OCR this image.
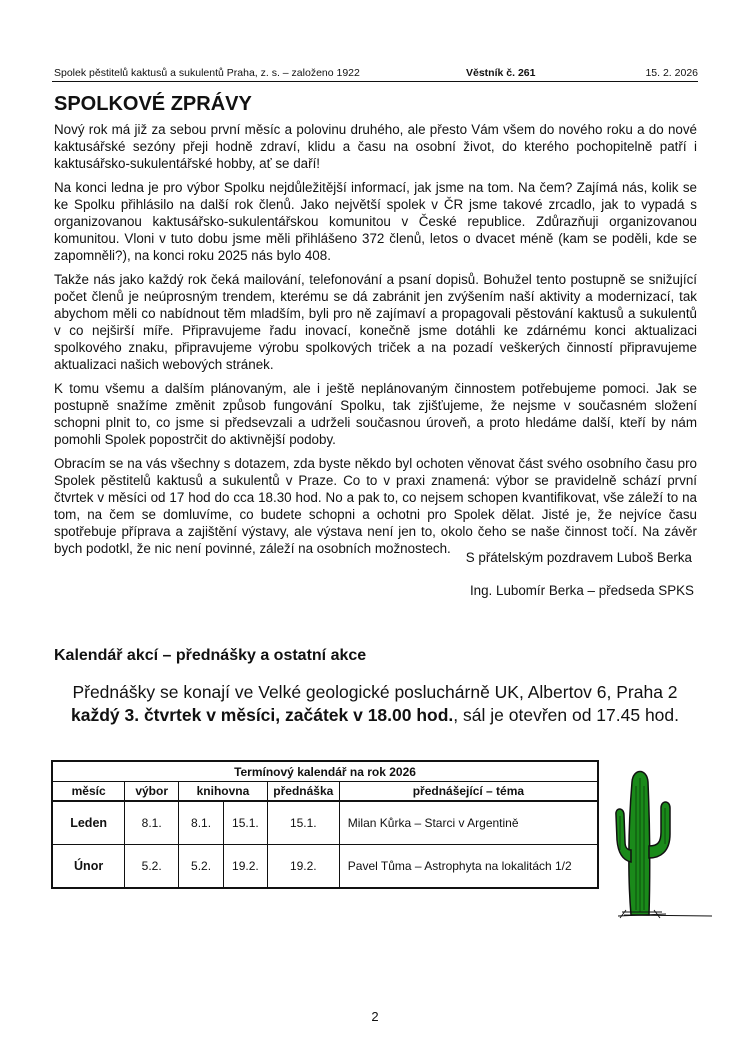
Spolek pěstitelů kaktusů a sukulentů Praha, z. s. – založeno 1922	Věstník č. 261	15. 2. 2026
SPOLKOVÉ ZPRÁVY

Nový rok má již za sebou první měsíc a polovinu druhého, ale přesto Vám všem do nového roku a do nové kaktusářské sezóny přeji hodně zdraví, klidu a času na osobní život, do kterého pochopitelně patří i kaktusářsko-sukulentářské hobby, ať se daří!

Na konci ledna je pro výbor Spolku nejdůležitější informací, jak jsme na tom. Na čem? Zajímá nás, kolik se ke Spolku přihlásilo na další rok členů. Jako největší spolek v ČR jsme takové zrcadlo, jak to vypadá s organizovanou kaktusářsko-sukulentářskou komunitou v České republice. Zdůrazňuji organizovanou komunitou. Vloni v tuto dobu jsme měli přihlášeno 372 členů, letos o dvacet méně (kam se poděli, kde se zapomněli?), na konci roku 2025 nás bylo 408.

Takže nás jako každý rok čeká mailování, telefonování a psaní dopisů. Bohužel tento postupně se snižující počet členů je neúprosným trendem, kterému se dá zabránit jen zvýšením naší aktivity a modernizací, tak abychom měli co nabídnout těm mladším, byli pro ně zajímaví a propagovali pěstování kaktusů a sukulentů v co nejširší míře. Připravujeme řadu inovací, konečně jsme dotáhli ke zdárnému konci aktualizaci spolkového znaku, připravujeme výrobu spolkových triček a na pozadí veškerých činností připravujeme aktualizaci našich webových stránek.

K tomu všemu a dalším plánovaným, ale i ještě neplánovaným činnostem potřebujeme pomoci. Jak se postupně snažíme změnit způsob fungování Spolku, tak zjišťujeme, že nejsme v současném složení schopni plnit to, co jsme si předsevzali a udrželi současnou úroveň, a proto hledáme další, kteří by nám pomohli Spolek popostrčit do aktivnější podoby.

Obracím se na vás všechny s dotazem, zda byste někdo byl ochoten věnovat část svého osobního času pro Spolek pěstitelů kaktusů a sukulentů v Praze. Co to v praxi znamená: výbor se pravidelně schází první čtvrtek v měsíci od 17 hod do cca 18.30 hod. No a pak to, co nejsem schopen kvantifikovat, vše záleží to na tom, na čem se domluvíme, co budete schopni a ochotni pro Spolek dělat. Jisté je, že nejvíce času spotřebuje příprava a zajištění výstavy, ale výstava není jen to, okolo čeho se naše činnost točí. Na závěr bych podotkl, že nic není povinné, záleží na osobních možnostech.

S přátelským pozdravem Luboš Berka
Ing. Lubomír Berka – předseda SPKS
Kalendář akcí – přednášky a ostatní akce
Přednášky se konají ve Velké geologické posluchárně UK, Albertov 6, Praha 2
každý 3. čtvrtek v měsíci, začátek v 18.00 hod., sál je otevřen od 17.45 hod.
Termínový kalendář na rok 2026					
měsíc	výbor	knihovna		přednáška	přednášející – téma
Leden	8.1.	8.1.	15.1.	15.1.	Milan Kůrka – Starci v Argentině
Únor	5.2.	5.2.	19.2.	19.2.	Pavel Tůma – Astrophyta na lokalitách 1/2
2
